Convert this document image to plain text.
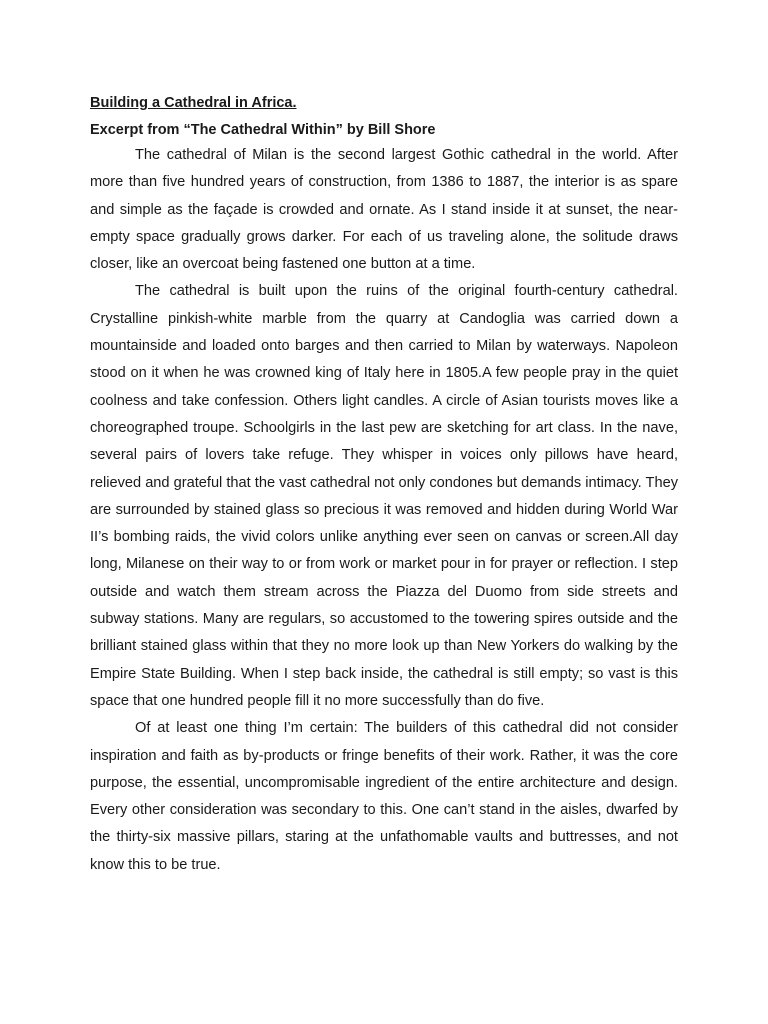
Building a Cathedral in Africa.
Excerpt from “The Cathedral Within” by Bill Shore

The cathedral of Milan is the second largest Gothic cathedral in the world. After more than five hundred years of construction, from 1386 to 1887, the interior is as spare and simple as the façade is crowded and ornate. As I stand inside it at sunset, the near-empty space gradually grows darker. For each of us traveling alone, the solitude draws closer, like an overcoat being fastened one button at a time.

The cathedral is built upon the ruins of the original fourth-century cathedral. Crystalline pinkish-white marble from the quarry at Candoglia was carried down a mountainside and loaded onto barges and then carried to Milan by waterways. Napoleon stood on it when he was crowned king of Italy here in 1805.A few people pray in the quiet coolness and take confession. Others light candles. A circle of Asian tourists moves like a choreographed troupe. Schoolgirls in the last pew are sketching for art class. In the nave, several pairs of lovers take refuge. They whisper in voices only pillows have heard, relieved and grateful that the vast cathedral not only condones but demands intimacy. They are surrounded by stained glass so precious it was removed and hidden during World War II’s bombing raids, the vivid colors unlike anything ever seen on canvas or screen.All day long, Milanese on their way to or from work or market pour in for prayer or reflection. I step outside and watch them stream across the Piazza del Duomo from side streets and subway stations. Many are regulars, so accustomed to the towering spires outside and the brilliant stained glass within that they no more look up than New Yorkers do walking by the Empire State Building. When I step back inside, the cathedral is still empty; so vast is this space that one hundred people fill it no more successfully than do five.

Of at least one thing I’m certain: The builders of this cathedral did not consider inspiration and faith as by-products or fringe benefits of their work. Rather, it was the core purpose, the essential, uncompromisable ingredient of the entire architecture and design. Every other consideration was secondary to this. One can’t stand in the aisles, dwarfed by the thirty-six massive pillars, staring at the unfathomable vaults and buttresses, and not know this to be true.
